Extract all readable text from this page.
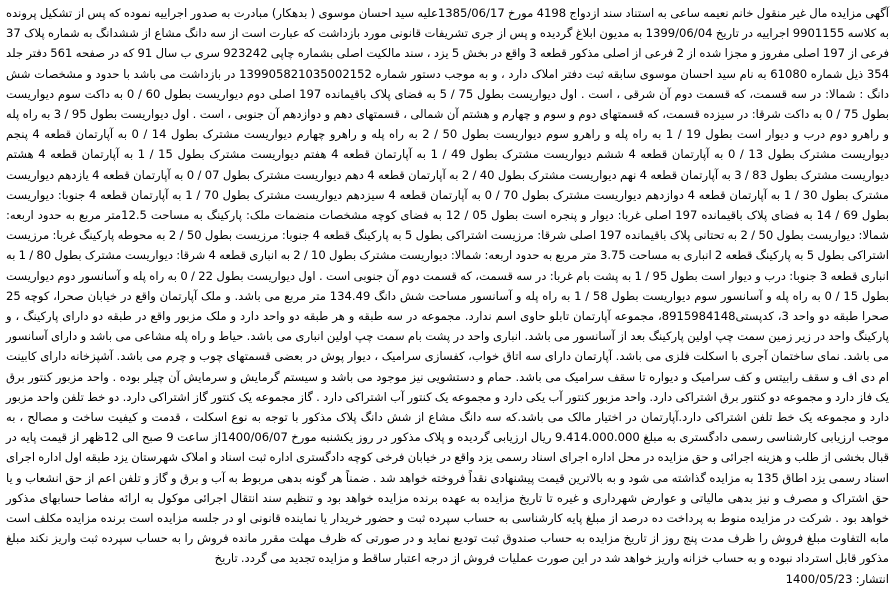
آگهی مزایده مال غیر منقول خانم نعیمه ساعی به استناد سند ازدواج 4198 مورخ 1385/06/17علیه سید احسان موسوی ( بدهکار) مبادرت به صدور اجراییه نموده که پس از تشکیل پرونده به کلاسه 9901155 اجراییه در تاریخ 1399/06/04 به مدیون ابلاغ گردیده و پس از جری تشریفات قانونی مورد بازداشت که عبارت است از سه دانگ مشاع از ششدانگ به شماره پلاک 37 فرعی از 197 اصلی مفروز و مجزا شده از 2 فرعی از اصلی مذکور قطعه 3 واقع در بخش 5 یزد ، سند مالکیت اصلی بشماره چاپی 923242 سری ب سال 91 که در صفحه 561 دفتر جلد 354 ذیل شماره 61080 به نام سید احسان موسوی سابقه ثبت دفتر املاک دارد ، و به موجب دستور شماره 139905821035002152 در بازداشت می باشد با حدود و مشخصات شش دانگ : شمالا: در سه قسمت، که قسمت دوم آن شرقی ، است . اول دیواریست بطول 75 / 5 به فضای پلاک باقیمانده 197 اصلی دوم دیواریست بطول 60 / 0 به داکت سوم دیواریست بطول 75 / 0 به داکت شرقا: در سیزده قسمت، که قسمتهای دوم و سوم و چهارم و هشتم آن شمالی ، قسمتهای دهم و دوازدهم آن جنوبی ، است . اول دیواریست بطول 95 / 3 به راه پله و راهرو دوم درب و دیوار است بطول 19 / 1 به راه پله و راهرو سوم دیواریست بطول 50 / 2 به راه پله و راهرو چهارم دیواریست مشترک بطول 14 / 0 به آپارتمان قطعه 4 پنجم دیواریست مشترک بطول 13 / 0 به آپارتمان قطعه 4 ششم دیواریست مشترک بطول 49 / 1 به آپارتمان قطعه 4 هفتم دیواریست مشترک بطول 15 / 1 به آپارتمان قطعه 4 هشتم دیواریست مشترک بطول 83 / 3 به آپارتمان قطعه 4 نهم دیواریست مشترک بطول 40 / 2 به آپارتمان قطعه 4 دهم دیواریست مشترک بطول 07 / 0 به آپارتمان قطعه 4 یازدهم دیواریست مشترک بطول 30 / 1 به آپارتمان قطعه 4 دوازدهم دیواریست مشترک بطول 70 / 0 به آپارتمان قطعه 4 سیزدهم دیواریست مشترک بطول 70 / 1 به آپارتمان قطعه 4 جنوبا: دیواریست بطول 69 / 14 به فضای پلاک باقیمانده 197 اصلی غربا: دیوار و پنجره است بطول 05 / 12 به فضای کوچه مشخصات منضمات ملک: پارکینگ به مساحت 12.5متر مربع به حدود اربعه: شمالا: دیواریست بطول 50 / 2 به تحتانی پلاک باقیمانده 197 اصلی شرقا: مرزیست اشتراکی بطول 5 به پارکینگ قطعه 4 جنوبا: مرزیست بطول 50 / 2 به محوطه پارکینگ غربا: مرزیست اشتراکی بطول 5 به پارکینگ قطعه 2 انباری به مساحت 3.75 متر مربع به حدود اربعه: شمالا: دیواریست مشترک بطول 10 / 2 به انباری قطعه 4 شرقا: دیواریست مشترک بطول 80 / 1 به انباری قطعه 3 جنوبا: درب و دیوار است بطول 95 / 1 به پشت بام غربا: در سه قسمت، که قسمت دوم آن جنوبی است . اول دیواریست بطول 22 / 0 به راه پله و آسانسور دوم دیواریست بطول 15 / 0 به راه پله و آسانسور سوم دیواریست بطول 58 / 1 به راه پله و آسانسور مساحت شش دانگ 134.49 متر مربع می باشد. و ملک آپارتمان واقع در خیابان صحرا، کوچه 25 صحرا طبقه دو واحد 3، کدپستی8915984148، مجموعه آپارتمان تابلو حاوی اسم ندارد. مجموعه در سه طبقه و هر طبقه دو واحد دارد و ملک مزبور واقع در طبقه دو دارای پارکینگ ، و پارکینگ واحد در زیر زمین سمت چپ اولین پارکینگ بعد از آسانسور می باشد. انباری واحد در پشت بام سمت چپ اولین انباری می باشد. حیاط و راه پله مشاعی می باشد و دارای آسانسور می باشد. نمای ساختمان آجری با اسکلت فلزی می باشد. آپارتمان دارای سه اتاق خواب، کفسازی سرامیک ، دیوار پوش در بعضی قسمتهای چوب و چرم می باشد. آشپزخانه دارای کابینت ام دی اف و سقف رابیتس و کف سرامیک و دیواره تا سقف سرامیک می باشد. حمام و دستشویی نیز موجود می باشد و سیستم گرمایش و سرمایش آن چیلر بوده . واحد مزبور کنتور برق یک فاز دارد و مجموعه دو کنتور برق اشتراکی دارد. واحد مزبور کنتور آب یکی دارد و مجموعه یک کنتور آب اشتراکی دارد . گاز مجموعه یک کنتور گاز اشتراکی دارد. دو خط تلفن واحد مزبور دارد و مجموعه یک خط تلفن اشتراکی دارد.آپارتمان در اختیار مالک می باشد.که سه دانگ مشاع از شش دانگ پلاک مذکور با توجه به نوع اسکلت ، قدمت و کیفیت ساخت و مصالح ، به موجب ارزیابی کارشناسی رسمی دادگستری به مبلغ 9.414.000.000 ریال ارزیابی گردیده و پلاک مذکور در روز یکشنبه مورخ 1400/06/07از ساعت 9 صبح الی 12ظهر از قیمت پایه در قبال بخشی از طلب و هزینه اجرائی و حق مزایده در محل اداره اجرای اسناد رسمی یزد واقع در خیابان فرخی کوچه دادگستری اداره ثبت اسناد و املاک شهرستان یزد طبقه اول اداره اجرای اسناد رسمی یزد اطاق 135 به مزایده گذاشته می شود و به بالاترین قیمت پیشنهادی نقداً فروخته خواهد شد . ضمناً هر گونه بدهی مربوط به آب و برق و گاز و تلفن اعم از حق انشعاب و یا حق اشتراک و مصرف و نیز بدهی مالیاتی و عوارض شهرداری و غیره تا تاریخ مزایده به عهده برنده مزایده خواهد بود و تنظیم سند انتقال اجرائی موکول به ارائه مفاصا حسابهای مذکور خواهد بود . شرکت در مزایده منوط به پرداخت ده درصد از مبلغ پایه کارشناسی به حساب سپرده ثبت و حضور خریدار یا نماینده قانونی او در جلسه مزایده است برنده مزایده مکلف است مابه التفاوت مبلغ فروش را ظرف مدت پنج روز از تاریخ مزایده به حساب صندوق ثبت تودیع نماید و در صورتی که ظرف مهلت مقرر مانده فروش را به حساب سپرده ثبت واریز نکند مبلغ مذکور قابل استرداد نبوده و به حساب خزانه واریز خواهد شد در این صورت عملیات فروش از درجه اعتبار ساقط و مزایده تجدید می گردد. تاریخ

انتشار: 1400/05/23
